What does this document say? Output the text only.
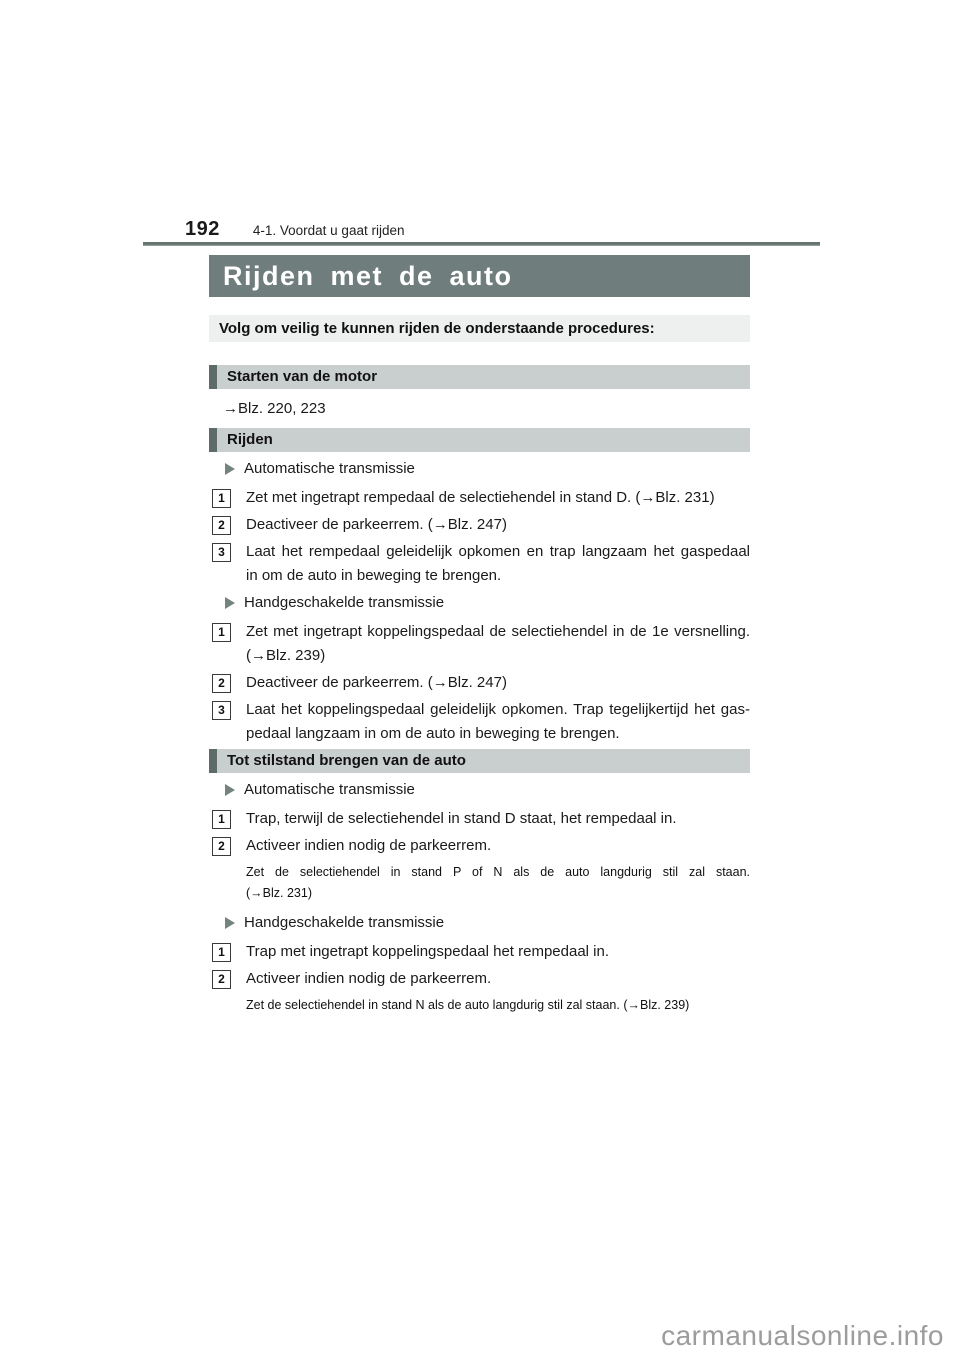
192 4-1. Voordat u gaat rijden
Rijden met de auto
Volg om veilig te kunnen rijden de onderstaande procedures:
Starten van de motor
→Blz. 220, 223
Rijden
Automatische transmissie
1	Zet met ingetrapt rempedaal de selectiehendel in stand D. (→Blz. 231)
2	Deactiveer de parkeerrem. (→Blz. 247)
3	Laat het rempedaal geleidelijk opkomen en trap langzaam het gaspedaal
in om de auto in beweging te brengen.
Handgeschakelde transmissie
1	Zet met ingetrapt koppelingspedaal de selectiehendel in de 1e versnelling.
(→Blz. 239)
2	Deactiveer de parkeerrem. (→Blz. 247)
3	Laat het koppelingspedaal geleidelijk opkomen. Trap tegelijkertijd het gas-
pedaal langzaam in om de auto in beweging te brengen.
Tot stilstand brengen van de auto
Automatische transmissie
1	Trap, terwijl de selectiehendel in stand D staat, het rempedaal in.
2	Activeer indien nodig de parkeerrem.
Zet de selectiehendel in stand P of N als de auto langdurig stil zal staan.
(→Blz. 231)
Handgeschakelde transmissie
1	Trap met ingetrapt koppelingspedaal het rempedaal in.
2	Activeer indien nodig de parkeerrem.
Zet de selectiehendel in stand N als de auto langdurig stil zal staan. (→Blz. 239)
carmanualsonline.info
